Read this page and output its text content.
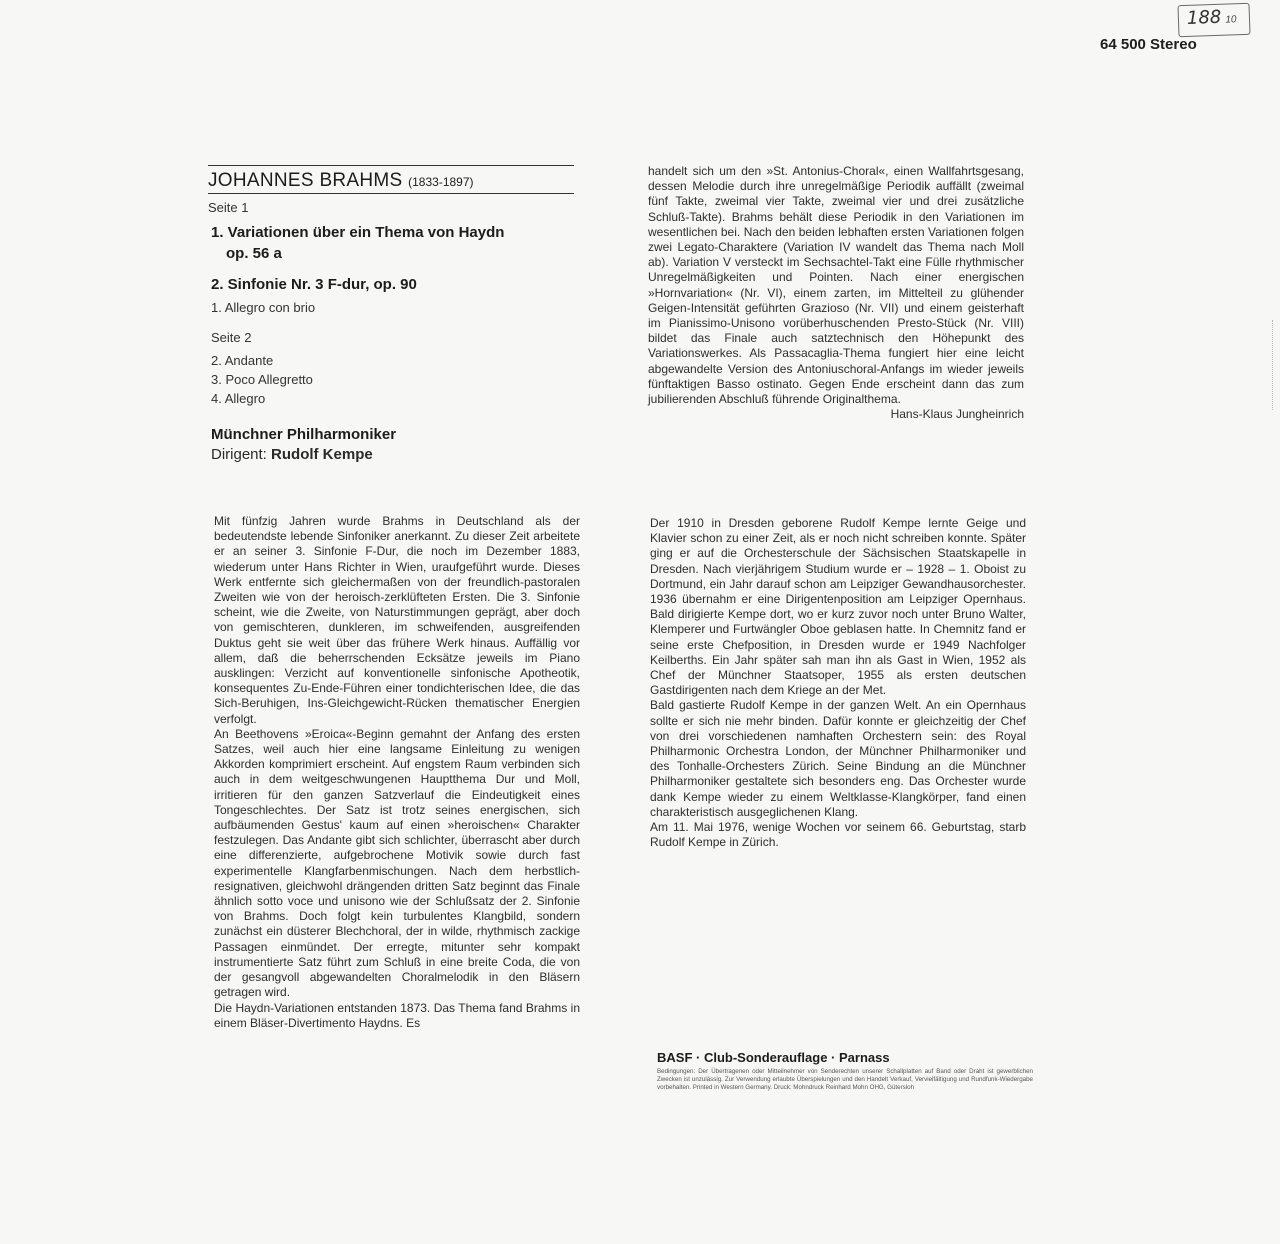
188 10
64 500 Stereo
JOHANNES BRAHMS (1833-1897)
Seite 1
1. Variationen über ein Thema von Haydn
op. 56 a
2. Sinfonie Nr. 3 F-dur, op. 90
1. Allegro con brio
Seite 2
2. Andante
3. Poco Allegretto
4. Allegro
Münchner Philharmoniker
Dirigent: Rudolf Kempe

Mit fünfzig Jahren wurde Brahms in Deutschland als der bedeutendste lebende Sinfoniker anerkannt. Zu dieser Zeit arbeitete er an seiner 3. Sinfonie F-Dur, die noch im Dezember 1883, wiederum unter Hans Richter in Wien, uraufgeführt wurde. Dieses Werk entfernte sich gleichermaßen von der freundlich-pastoralen Zweiten wie von der heroisch-zerklüfteten Ersten. Die 3. Sinfonie scheint, wie die Zweite, von Naturstimmungen geprägt, aber doch von gemischteren, dunkleren, im schweifenden, ausgreifenden Duktus geht sie weit über das frühere Werk hinaus. Auffällig vor allem, daß die beherrschenden Ecksätze jeweils im Piano ausklingen: Verzicht auf konventionelle sinfonische Apotheotik, konsequentes Zu-Ende-Führen einer tondichterischen Idee, die das Sich-Beruhigen, Ins-Gleichgewicht-Rücken thematischer Energien verfolgt.

An Beethovens »Eroica«-Beginn gemahnt der Anfang des ersten Satzes, weil auch hier eine langsame Einleitung zu wenigen Akkorden komprimiert erscheint. Auf engstem Raum verbinden sich auch in dem weitgeschwungenen Hauptthema Dur und Moll, irritieren für den ganzen Satzverlauf die Eindeutigkeit eines Tongeschlechtes. Der Satz ist trotz seines energischen, sich aufbäumenden Gestus' kaum auf einen »heroischen« Charakter festzulegen. Das Andante gibt sich schlichter, überrascht aber durch eine differenzierte, aufgebrochene Motivik sowie durch fast experimentelle Klangfarbenmischungen. Nach dem herbstlich-resignativen, gleichwohl drängenden dritten Satz beginnt das Finale ähnlich sotto voce und unisono wie der Schlußsatz der 2. Sinfonie von Brahms. Doch folgt kein turbulentes Klangbild, sondern zunächst ein düsterer Blechchoral, der in wilde, rhythmisch zackige Passagen einmündet. Der erregte, mitunter sehr kompakt instrumentierte Satz führt zum Schluß in eine breite Coda, die von der gesangvoll abgewandelten Choralmelodik in den Bläsern getragen wird.

Die Haydn-Variationen entstanden 1873. Das Thema fand Brahms in einem Bläser-Divertimento Haydns. Es

handelt sich um den »St. Antonius-Choral«, einen Wallfahrtsgesang, dessen Melodie durch ihre unregelmäßige Periodik auffällt (zweimal fünf Takte, zweimal vier Takte, zweimal vier und drei zusätzliche Schluß-Takte). Brahms behält diese Periodik in den Variationen im wesentlichen bei. Nach den beiden lebhaften ersten Variationen folgen zwei Legato-Charaktere (Variation IV wandelt das Thema nach Moll ab). Variation V versteckt im Sechsachtel-Takt eine Fülle rhythmischer Unregelmäßigkeiten und Pointen. Nach einer energischen »Hornvariation« (Nr. VI), einem zarten, im Mittelteil zu glühender Geigen-Intensität geführten Grazioso (Nr. VII) und einem geisterhaft im Pianissimo-Unisono vorüberhuschenden Presto-Stück (Nr. VIII) bildet das Finale auch satztechnisch den Höhepunkt des Variationswerkes. Als Passacaglia-Thema fungiert hier eine leicht abgewandelte Version des Antoniuschoral-Anfangs im wieder jeweils fünftaktigen Basso ostinato. Gegen Ende erscheint dann das zum jubilierenden Abschluß führende Originalthema.

Hans-Klaus Jungheinrich

Der 1910 in Dresden geborene Rudolf Kempe lernte Geige und Klavier schon zu einer Zeit, als er noch nicht schreiben konnte. Später ging er auf die Orchesterschule der Sächsischen Staatskapelle in Dresden. Nach vierjährigem Studium wurde er – 1928 – 1. Oboist zu Dortmund, ein Jahr darauf schon am Leipziger Gewandhausorchester. 1936 übernahm er eine Dirigentenposition am Leipziger Opernhaus. Bald dirigierte Kempe dort, wo er kurz zuvor noch unter Bruno Walter, Klemperer und Furtwängler Oboe geblasen hatte. In Chemnitz fand er seine erste Chefposition, in Dresden wurde er 1949 Nachfolger Keilberths. Ein Jahr später sah man ihn als Gast in Wien, 1952 als Chef der Münchner Staatsoper, 1955 als ersten deutschen Gastdirigenten nach dem Kriege an der Met.

Bald gastierte Rudolf Kempe in der ganzen Welt. An ein Opernhaus sollte er sich nie mehr binden. Dafür konnte er gleichzeitig der Chef von drei vorschiedenen namhaften Orchestern sein: des Royal Philharmonic Orchestra London, der Münchner Philharmoniker und des Tonhalle-Orchesters Zürich. Seine Bindung an die Münchner Philharmoniker gestaltete sich besonders eng. Das Orchester wurde dank Kempe wieder zu einem Weltklasse-Klangkörper, fand einen charakteristisch ausgeglichenen Klang.

Am 11. Mai 1976, wenige Wochen vor seinem 66. Geburtstag, starb Rudolf Kempe in Zürich.

BASF · Club-Sonderauflage · Parnass
Bedingungen: Der Übertragenen oder Mitteilnehmer von Senderechten unserer Schallplatten auf Band oder Draht ist gewerblichen Zwecken ist unzulässig. Zur Verwendung erlaubte Überspielungen und den Handelt Verkauf, Vervielfältigung und Rundfunk-Wiedergabe vorbehalten. Printed in Western Germany. Druck: Mohndruck Reinhard Mohn OHG, Gütersloh
